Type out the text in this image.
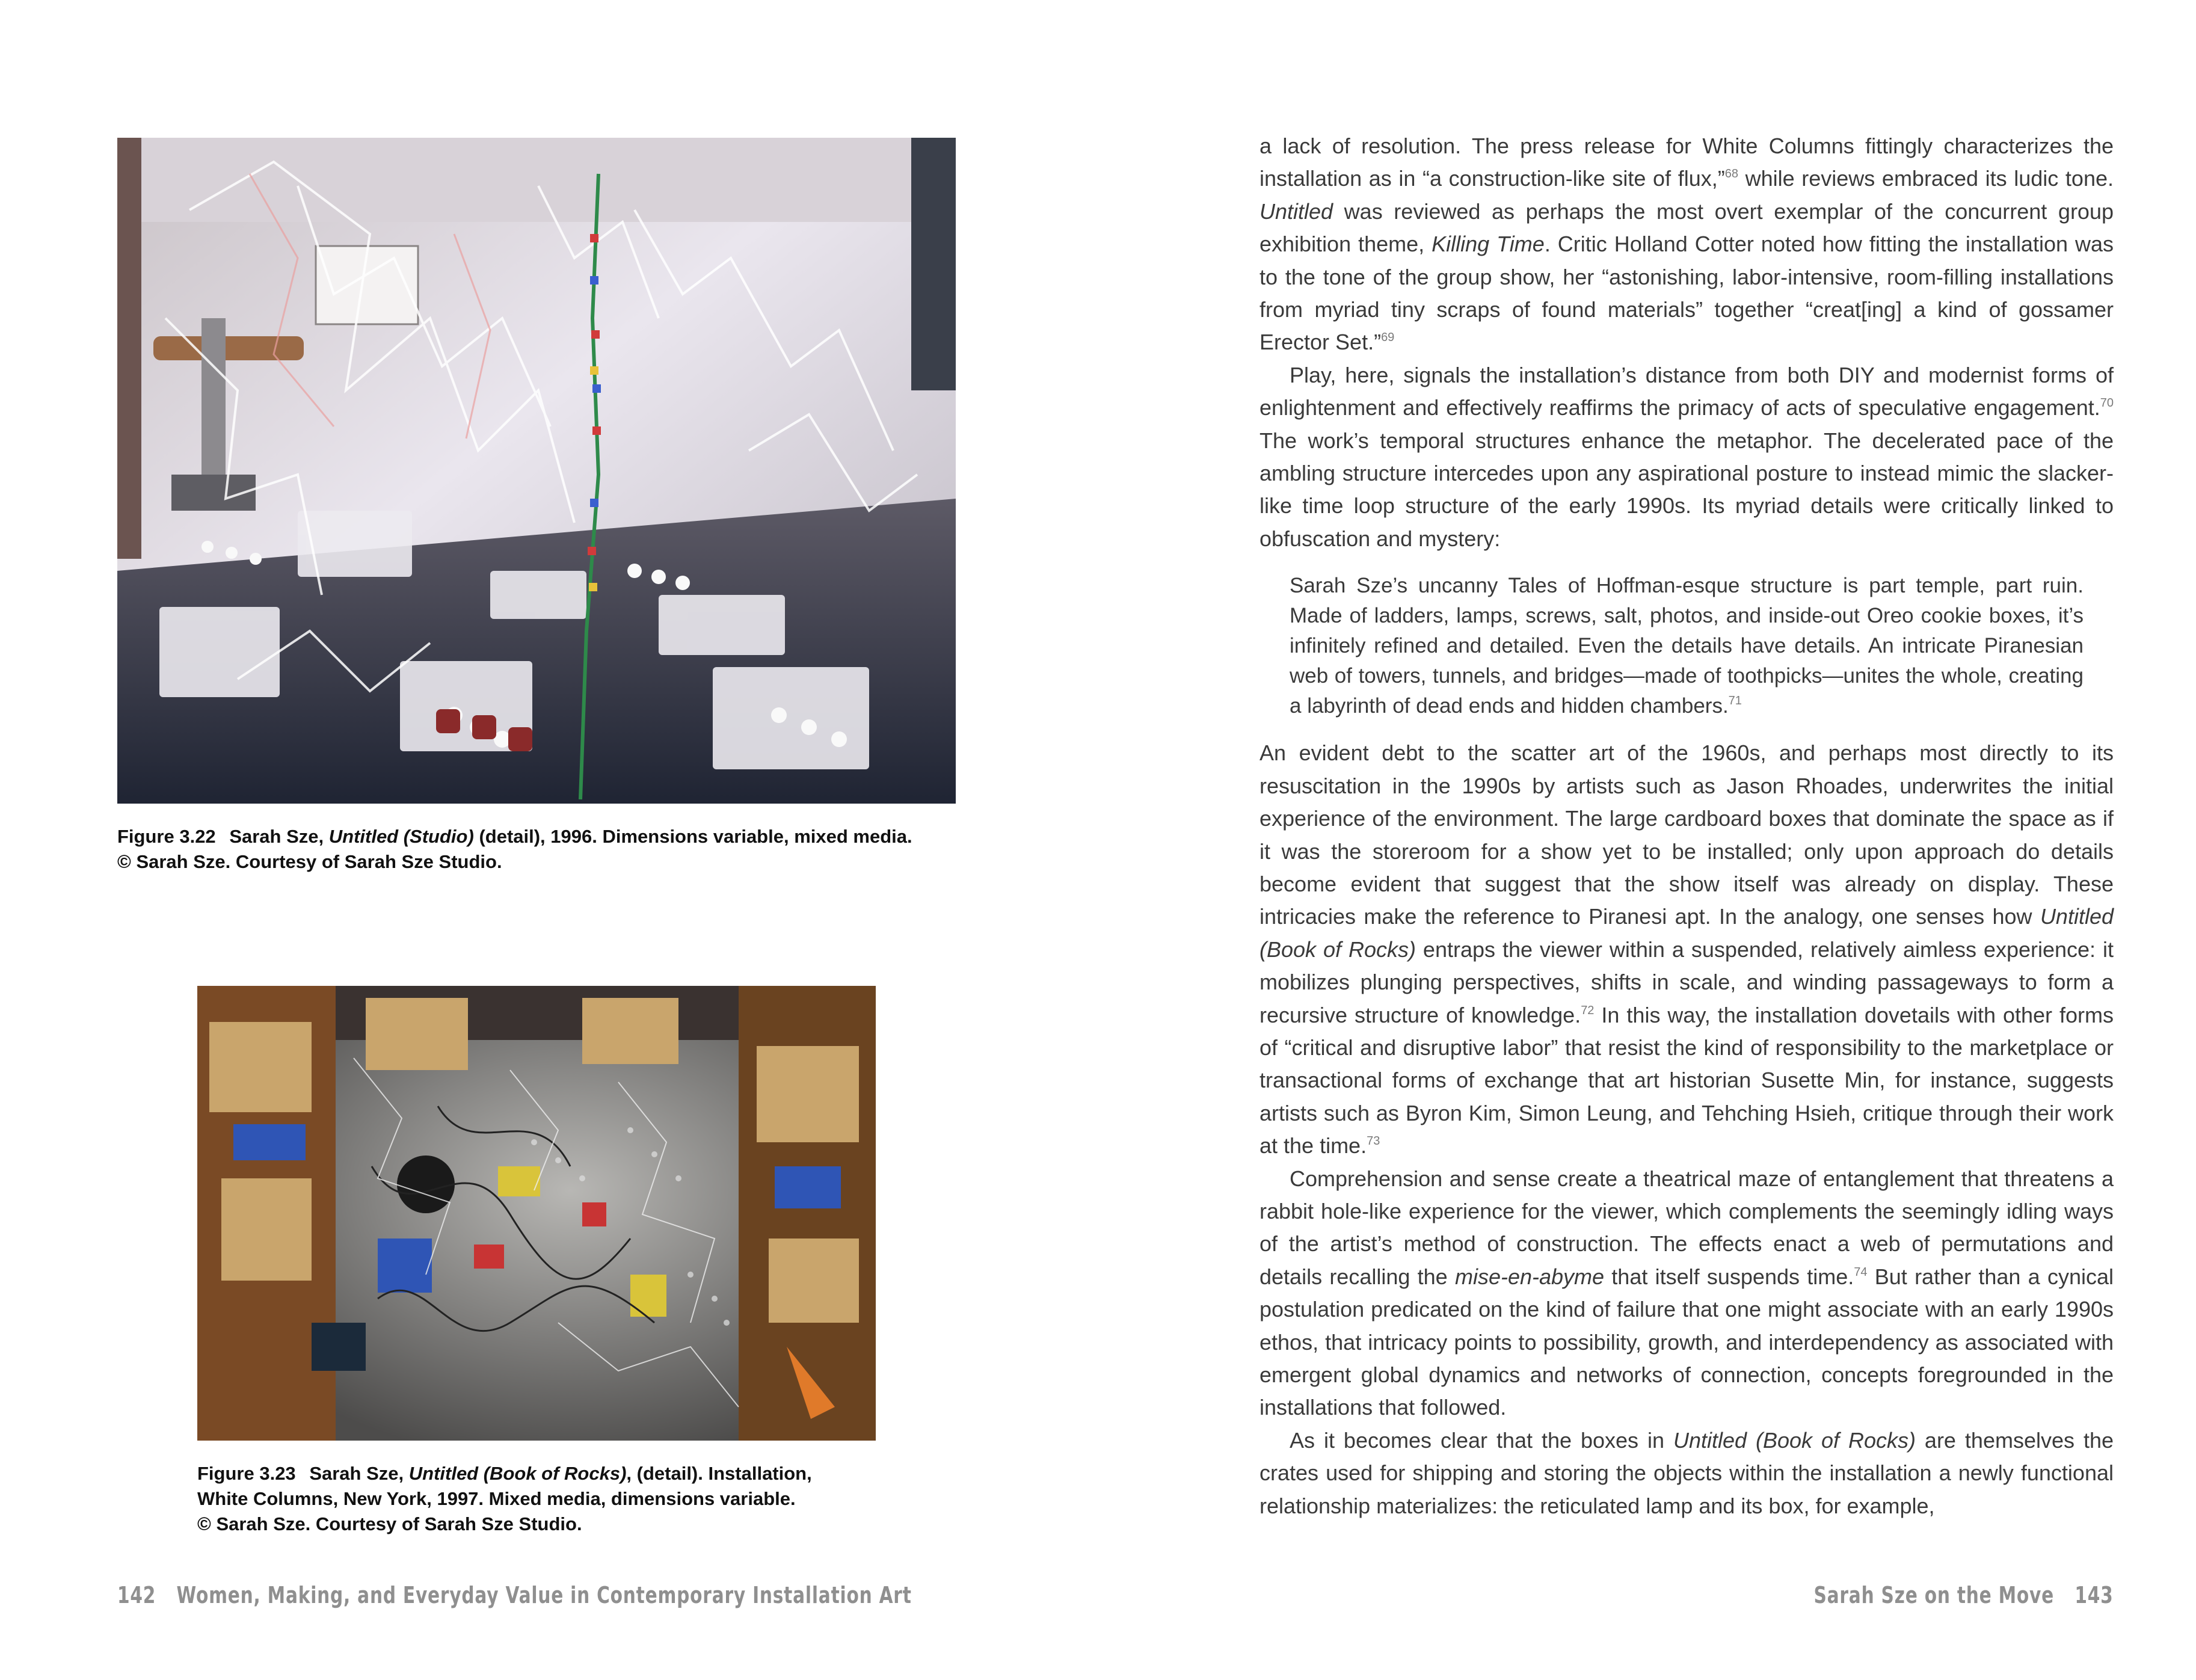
Figure 3.22 Sarah Sze, Untitled (Studio) (detail), 1996. Dimensions variable, mixed media.
© Sarah Sze. Courtesy of Sarah Sze Studio.
Figure 3.23 Sarah Sze, Untitled (Book of Rocks), (detail). Installation,
White Columns, New York, 1997. Mixed media, dimensions variable.
© Sarah Sze. Courtesy of Sarah Sze Studio.
142 Women, Making, and Everyday Value in Contemporary Installation Art

a lack of resolution. The press release for White Columns fittingly characterizes the installation as in “a construction-like site of flux,”$^{68}$ while reviews embraced its ludic tone. Untitled was reviewed as perhaps the most overt exemplar of the concurrent group exhibition theme, Killing Time. Critic Holland Cotter noted how fitting the installation was to the tone of the group show, her “astonishing, labor-intensive, room-filling installations from myriad tiny scraps of found materials” together “creat[ing] a kind of gossamer Erector Set.”$^{69}$

Play, here, signals the installation’s distance from both DIY and modernist forms of enlightenment and effectively reaffirms the primacy of acts of speculative engagement.$^{70}$ The work’s temporal structures enhance the metaphor. The decelerated pace of the ambling structure intercedes upon any aspirational posture to instead mimic the slacker-like time loop structure of the early 1990s. Its myriad details were critically linked to obfuscation and mystery:

Sarah Sze’s uncanny Tales of Hoffman-esque structure is part temple, part ruin. Made of ladders, lamps, screws, salt, photos, and inside-out Oreo cookie boxes, it’s infinitely refined and detailed. Even the details have details. An intricate Piranesian web of towers, tunnels, and bridges—made of toothpicks—unites the whole, creating a labyrinth of dead ends and hidden chambers.$^{71}$

An evident debt to the scatter art of the 1960s, and perhaps most directly to its resuscitation in the 1990s by artists such as Jason Rhoades, underwrites the initial experience of the environment. The large cardboard boxes that dominate the space as if it was the storeroom for a show yet to be installed; only upon approach do details become evident that suggest that the show itself was already on display. These intricacies make the reference to Piranesi apt. In the analogy, one senses how Untitled (Book of Rocks) entraps the viewer within a suspended, relatively aimless experience: it mobilizes plunging perspectives, shifts in scale, and winding passageways to form a recursive structure of knowledge.$^{72}$ In this way, the installation dovetails with other forms of “critical and disruptive labor” that resist the kind of responsibility to the marketplace or transactional forms of exchange that art historian Susette Min, for instance, suggests artists such as Byron Kim, Simon Leung, and Tehching Hsieh, critique through their work at the time.$^{73}$

Comprehension and sense create a theatrical maze of entanglement that threatens a rabbit hole-like experience for the viewer, which complements the seemingly idling ways of the artist’s method of construction. The effects enact a web of permutations and details recalling the mise-en-abyme that itself suspends time.$^{74}$ But rather than a cynical postulation predicated on the kind of failure that one might associate with an early 1990s ethos, that intricacy points to possibility, growth, and interdependency as associated with emergent global dynamics and networks of connection, concepts foregrounded in the installations that followed.

As it becomes clear that the boxes in Untitled (Book of Rocks) are themselves the crates used for shipping and storing the objects within the installation a newly functional relationship materializes: the reticulated lamp and its box, for example,

Sarah Sze on the Move 143
